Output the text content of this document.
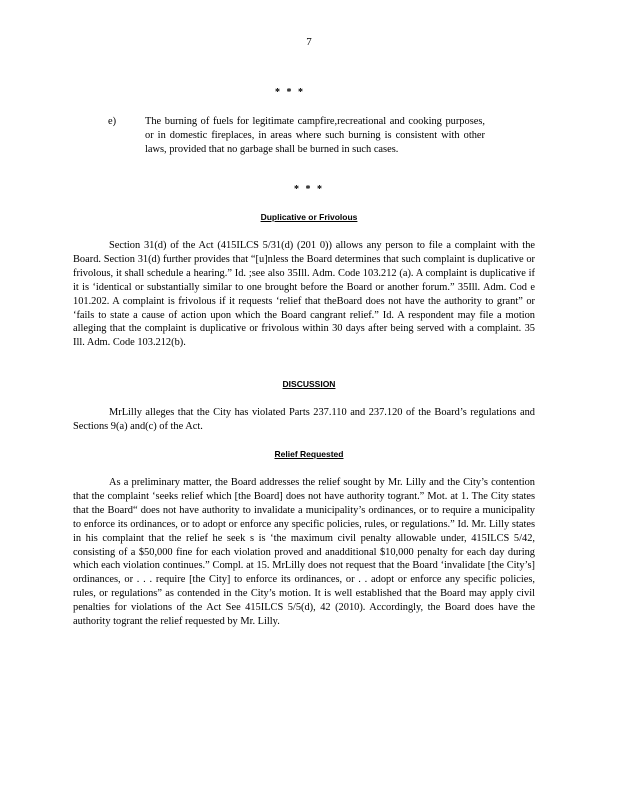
7
* * *
e)	The burning of fuels for legitimate campfire,recreational and cooking purposes, or in domestic fireplaces, in areas where such burning is consistent with other laws, provided that no garbage shall be burned in such cases.
* * *
Duplicative or Frivolous

Section 31(d) of the Act (415ILCS 5/31(d) (201 0)) allows any person to file a complaint with the Board. Section 31(d) further provides that “[u]nless the Board determines that such complaint is duplicative or frivolous, it shall schedule a hearing.” Id. ;see also 35Ill. Adm. Code 103.212 (a). A complaint is duplicative if it is ‘identical or substantially similar to one brought before the Board or another forum.” 35Ill. Adm. Cod e 101.202. A complaint is frivolous if it requests ‘relief that theBoard does not have the authority to grant” or ‘fails to state a cause of action upon which the Board cangrant relief.” Id. A respondent may file a motion alleging that the complaint is duplicative or frivolous within 30 days after being served with a complaint. 35 Ill. Adm. Code 103.212(b).

DISCUSSION

MrLilly alleges that the City has violated Parts 237.110 and 237.120 of the Board’s regulations and Sections 9(a) and(c) of the Act.

Relief Requested

As a preliminary matter, the Board addresses the relief sought by Mr. Lilly and the City’s contention that the complaint ‘seeks relief which [the Board] does not have authority togrant.” Mot. at 1. The City states that the Board“ does not have authority to invalidate a municipality’s ordinances, or to require a municipality to enforce its ordinances, or to adopt or enforce any specific policies, rules, or regulations.” Id. Mr. Lilly states in his complaint that the relief he seek s is ‘the maximum civil penalty allowable under, 415ILCS 5/42, consisting of a $50,000 fine for each violation proved and anadditional $10,000 penalty for each day during which each violation continues.” Compl. at 15. MrLilly does not request that the Board ‘invalidate [the City’s] ordinances, or . . . require [the City] to enforce its ordinances, or . . adopt or enforce any specific policies, rules, or regulations” as contended in the City’s motion. It is well established that the Board may apply civil penalties for violations of the Act See 415ILCS 5/5(d), 42 (2010). Accordingly, the Board does have the authority togrant the relief requested by Mr. Lilly.
